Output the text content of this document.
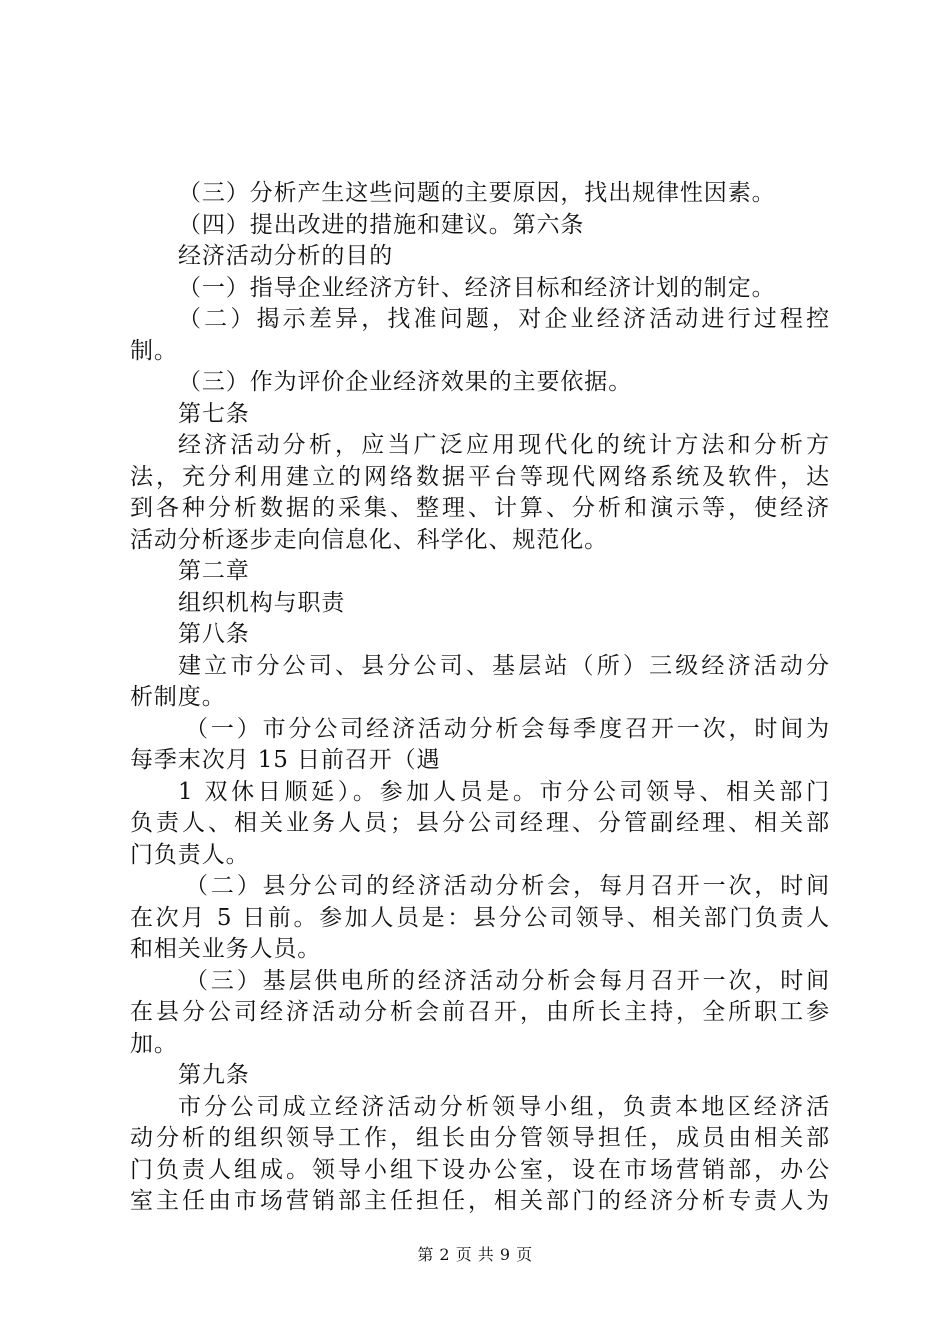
（三）分析产生这些问题的主要原因，找出规律性因素。
（四）提出改进的措施和建议。第六条
经济活动分析的目的
（一）指导企业经济方针、经济目标和经济计划的制定。
（二）揭示差异，找准问题，对企业经济活动进行过程控
制。
（三）作为评价企业经济效果的主要依据。
第七条
经济活动分析，应当广泛应用现代化的统计方法和分析方
法，充分利用建立的网络数据平台等现代网络系统及软件，达
到各种分析数据的采集、整理、计算、分析和演示等，使经济
活动分析逐步走向信息化、科学化、规范化。
第二章
组织机构与职责
第八条
建立市分公司、县分公司、基层站（所）三级经济活动分
析制度。
（一）市分公司经济活动分析会每季度召开一次，时间为
每季末次月 15 日前召开（遇
1 双休日顺延）。参加人员是。市分公司领导、相关部门
负责人、相关业务人员；县分公司经理、分管副经理、相关部
门负责人。
（二）县分公司的经济活动分析会，每月召开一次，时间
在次月 5 日前。参加人员是：县分公司领导、相关部门负责人
和相关业务人员。
（三）基层供电所的经济活动分析会每月召开一次，时间
在县分公司经济活动分析会前召开，由所长主持，全所职工参
加。
第九条
市分公司成立经济活动分析领导小组，负责本地区经济活
动分析的组织领导工作，组长由分管领导担任，成员由相关部
门负责人组成。领导小组下设办公室，设在市场营销部，办公
室主任由市场营销部主任担任，相关部门的经济分析专责人为
第 2 页 共 9 页
